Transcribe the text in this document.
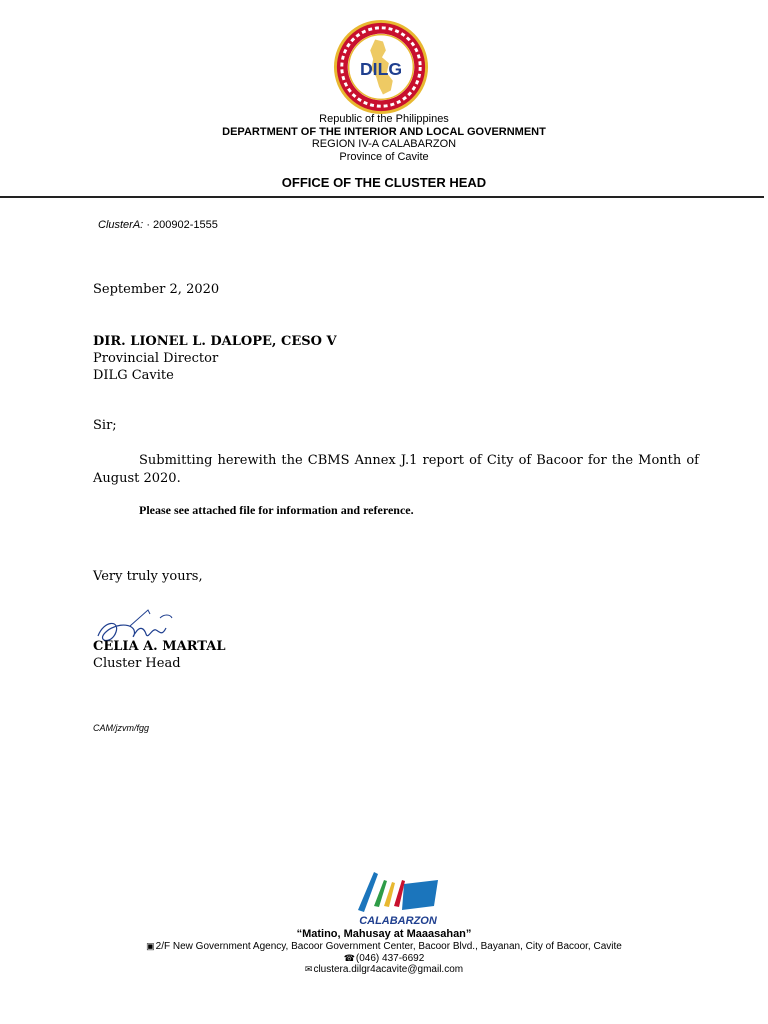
DILG
Republic of the Philippines
DEPARTMENT OF THE INTERIOR AND LOCAL GOVERNMENT
REGION IV-A CALABARZON
Province of Cavite
OFFICE OF THE CLUSTER HEAD
ClusterA: · 200902-1555
September 2, 2020
DIR. LIONEL L. DALOPE, CESO V
Provincial Director
DILG Cavite
Sir;
Submitting herewith the CBMS Annex J.1 report of City of Bacoor for the Month of August 2020.
Please see attached file for information and reference.
Very truly yours,
CELIA A. MARTAL
Cluster Head
CAM/jzvm/fgg
CALABARZON
“Matino, Mahusay at Maaasahan”
▣2/F New Government Agency, Bacoor Government Center, Bacoor Blvd., Bayanan, City of Bacoor, Cavite
☎(046) 437-6692
✉clustera.dilgr4acavite@gmail.com
